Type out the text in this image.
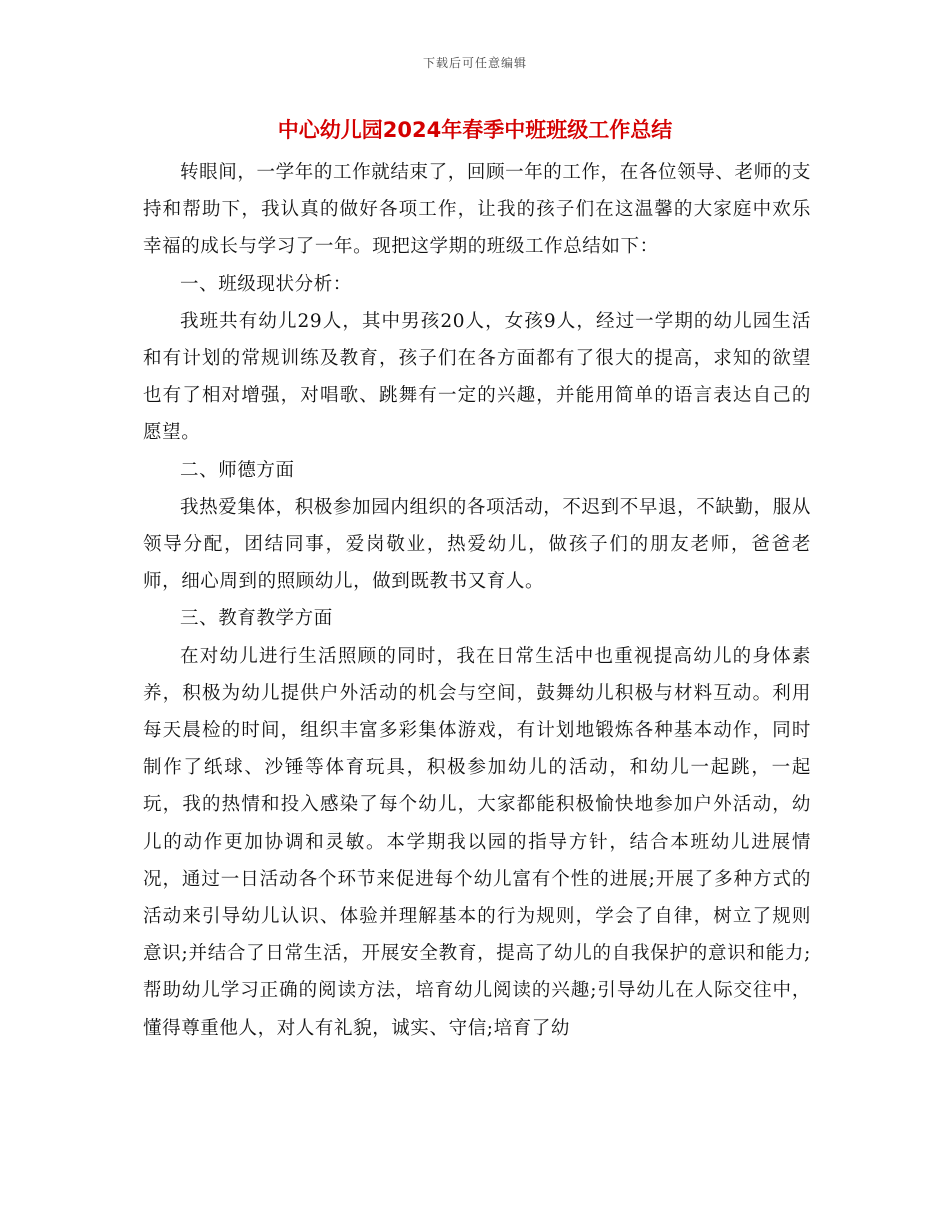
下载后可任意编辑
中心幼儿园2024年春季中班班级工作总结

转眼间，一学年的工作就结束了，回顾一年的工作，在各位领导、老师的支持和帮助下，我认真的做好各项工作，让我的孩子们在这温馨的大家庭中欢乐幸福的成长与学习了一年。现把这学期的班级工作总结如下：

一、班级现状分析：

我班共有幼儿29人，其中男孩20人，女孩9人，经过一学期的幼儿园生活和有计划的常规训练及教育，孩子们在各方面都有了很大的提高，求知的欲望也有了相对增强，对唱歌、跳舞有一定的兴趣，并能用简单的语言表达自己的愿望。

二、师德方面

我热爱集体，积极参加园内组织的各项活动，不迟到不早退，不缺勤，服从领导分配，团结同事，爱岗敬业，热爱幼儿，做孩子们的朋友老师，爸爸老师，细心周到的照顾幼儿，做到既教书又育人。

三、教育教学方面

在对幼儿进行生活照顾的同时，我在日常生活中也重视提高幼儿的身体素养，积极为幼儿提供户外活动的机会与空间，鼓舞幼儿积极与材料互动。利用每天晨检的时间，组织丰富多彩集体游戏，有计划地锻炼各种基本动作，同时制作了纸球、沙锤等体育玩具，积极参加幼儿的活动，和幼儿一起跳，一起玩，我的热情和投入感染了每个幼儿，大家都能积极愉快地参加户外活动，幼儿的动作更加协调和灵敏。本学期我以园的指导方针，结合本班幼儿进展情况，通过一日活动各个环节来促进每个幼儿富有个性的进展;开展了多种方式的活动来引导幼儿认识、体验并理解基本的行为规则，学会了自律，树立了规则意识;并结合了日常生活，开展安全教育，提高了幼儿的自我保护的意识和能力;帮助幼儿学习正确的阅读方法，培育幼儿阅读的兴趣;引导幼儿在人际交往中，懂得尊重他人，对人有礼貌，诚实、守信;培育了幼
